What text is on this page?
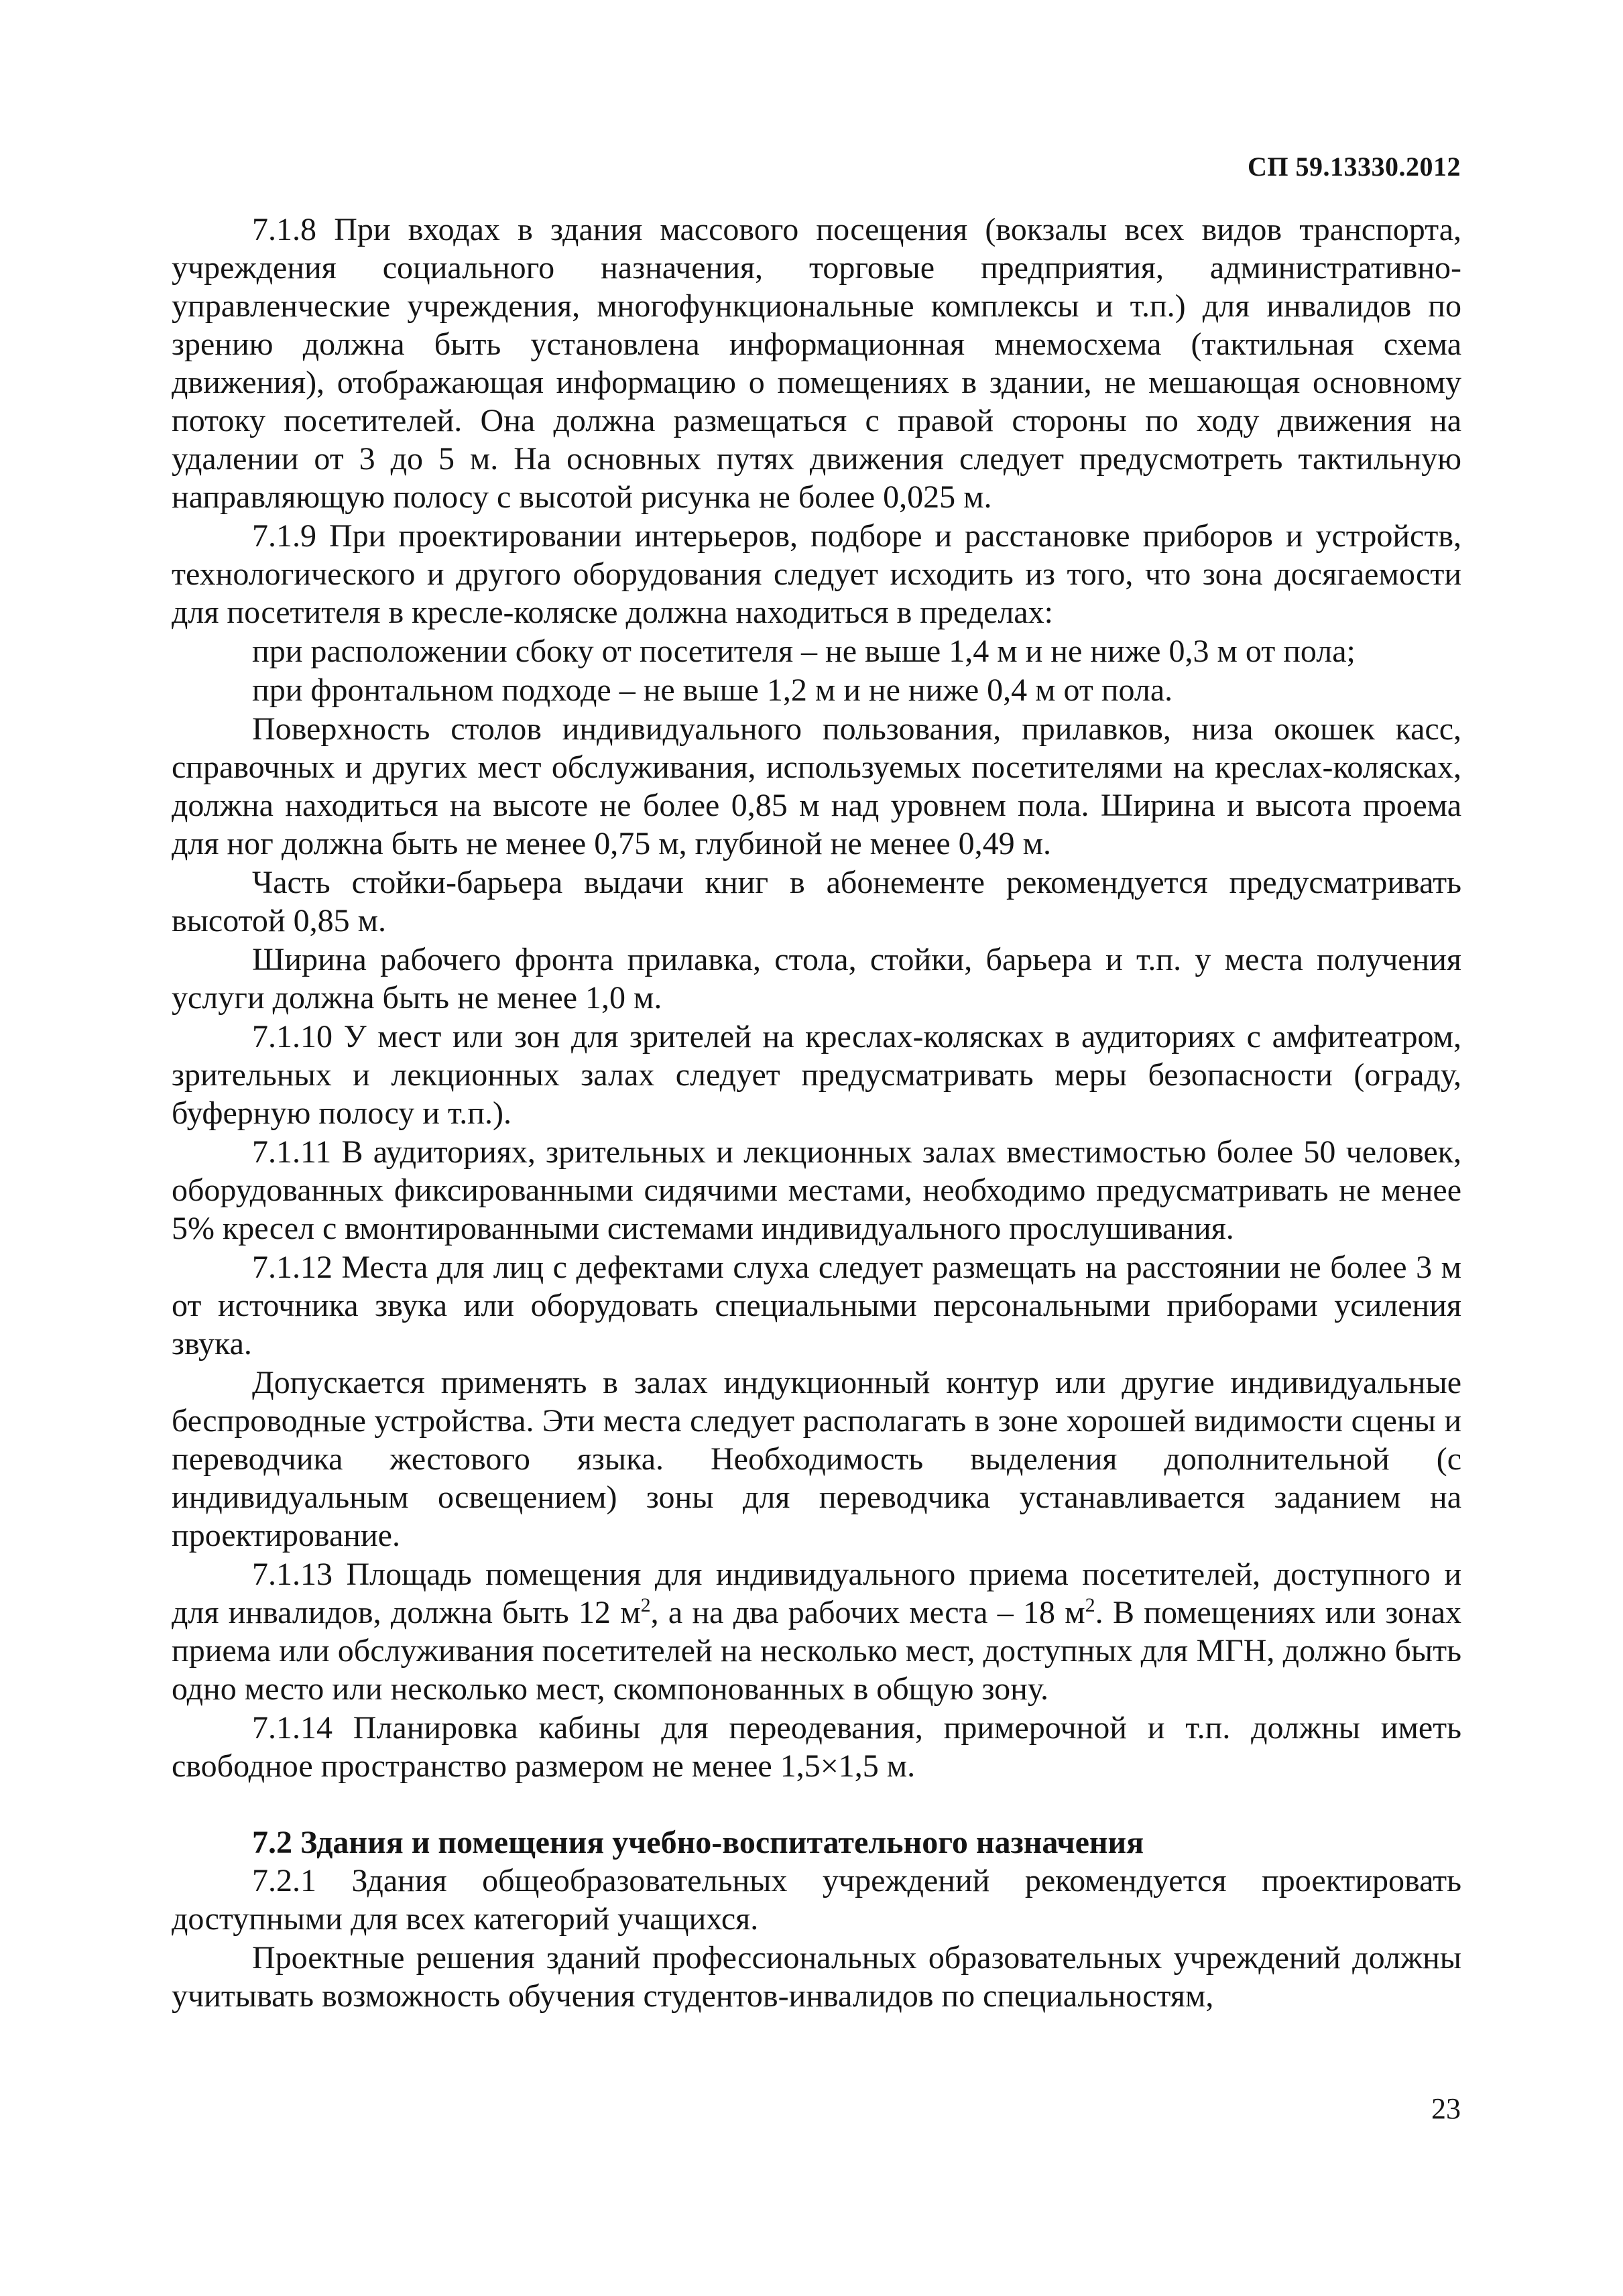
СП 59.13330.2012

7.1.8 При входах в здания массового посещения (вокзалы всех видов транспорта, учреждения социального назначения, торговые предприятия, административно-управленческие учреждения, многофункциональные комплексы и т.п.) для инвалидов по зрению должна быть установлена информационная мнемосхема (тактильная схема движения), отображающая информацию о помещениях в здании, не мешающая основному потоку посетителей. Она должна размещаться с правой стороны по ходу движения на удалении от 3 до 5 м. На основных путях движения следует предусмотреть тактильную направляющую полосу с высотой рисунка не более 0,025 м.

7.1.9 При проектировании интерьеров, подборе и расстановке приборов и устройств, технологического и другого оборудования следует исходить из того, что зона досягаемости для посетителя в кресле-коляске должна находиться в пределах:

при расположении сбоку от посетителя – не выше 1,4 м и не ниже 0,3 м от пола;

при фронтальном подходе – не выше 1,2 м и не ниже 0,4 м от пола.

Поверхность столов индивидуального пользования, прилавков, низа окошек касс, справочных и других мест обслуживания, используемых посетителями на креслах-колясках, должна находиться на высоте не более 0,85 м над уровнем пола. Ширина и высота проема для ног должна быть не менее 0,75 м, глубиной не менее 0,49 м.

Часть стойки-барьера выдачи книг в абонементе рекомендуется предусматривать высотой 0,85 м.

Ширина рабочего фронта прилавка, стола, стойки, барьера и т.п. у места получения услуги должна быть не менее 1,0 м.

7.1.10 У мест или зон для зрителей на креслах-колясках в аудиториях с амфитеатром, зрительных и лекционных залах следует предусматривать меры безопасности (ограду, буферную полосу и т.п.).

7.1.11 В аудиториях, зрительных и лекционных залах вместимостью более 50 человек, оборудованных фиксированными сидячими местами, необходимо предусматривать не менее 5% кресел с вмонтированными системами индивидуального прослушивания.

7.1.12 Места для лиц с дефектами слуха следует размещать на расстоянии не более 3 м от источника звука или оборудовать специальными персональными приборами усиления звука.

Допускается применять в залах индукционный контур или другие индивидуальные беспроводные устройства. Эти места следует располагать в зоне хорошей видимости сцены и переводчика жестового языка. Необходимость выделения дополнительной (с индивидуальным освещением) зоны для переводчика устанавливается заданием на проектирование.

7.1.13 Площадь помещения для индивидуального приема посетителей, доступного и для инвалидов, должна быть 12 $м^2$, а на два рабочих места – 18 $м^2$. В помещениях или зонах приема или обслуживания посетителей на несколько мест, доступных для МГН, должно быть одно место или несколько мест, скомпонованных в общую зону.

7.1.14 Планировка кабины для переодевания, примерочной и т.п. должны иметь свободное пространство размером не менее 1,5×1,5 м.

7.2 Здания и помещения учебно-воспитательного назначения

7.2.1 Здания общеобразовательных учреждений рекомендуется проектировать доступными для всех категорий учащихся.

Проектные решения зданий профессиональных образовательных учреждений должны учитывать возможность обучения студентов-инвалидов по специальностям,

23
